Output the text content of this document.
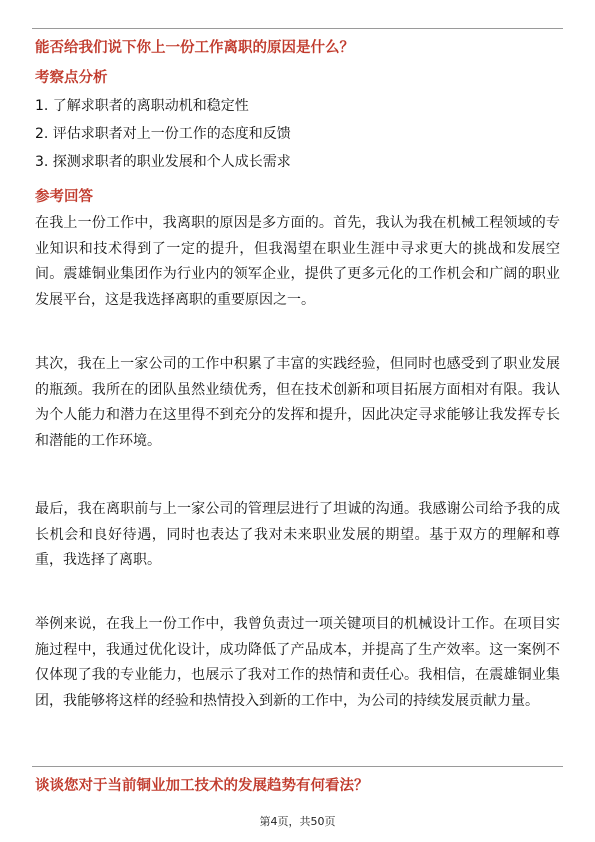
能否给我们说下你上一份工作离职的原因是什么？
考察点分析
1. 了解求职者的离职动机和稳定性
2. 评估求职者对上一份工作的态度和反馈
3. 探测求职者的职业发展和个人成长需求
参考回答
在我上一份工作中，我离职的原因是多方面的。首先，我认为我在机械工程领域的专业知识和技术得到了一定的提升，但我渴望在职业生涯中寻求更大的挑战和发展空间。震雄铜业集团作为行业内的领军企业，提供了更多元化的工作机会和广阔的职业发展平台，这是我选择离职的重要原因之一。
其次，我在上一家公司的工作中积累了丰富的实践经验，但同时也感受到了职业发展的瓶颈。我所在的团队虽然业绩优秀，但在技术创新和项目拓展方面相对有限。我认为个人能力和潜力在这里得不到充分的发挥和提升，因此决定寻求能够让我发挥专长和潜能的工作环境。
最后，我在离职前与上一家公司的管理层进行了坦诚的沟通。我感谢公司给予我的成长机会和良好待遇，同时也表达了我对未来职业发展的期望。基于双方的理解和尊重，我选择了离职。
举例来说，在我上一份工作中，我曾负责过一项关键项目的机械设计工作。在项目实施过程中，我通过优化设计，成功降低了产品成本，并提高了生产效率。这一案例不仅体现了我的专业能力，也展示了我对工作的热情和责任心。我相信，在震雄铜业集团，我能够将这样的经验和热情投入到新的工作中，为公司的持续发展贡献力量。
谈谈您对于当前铜业加工技术的发展趋势有何看法？
第4页，共50页
